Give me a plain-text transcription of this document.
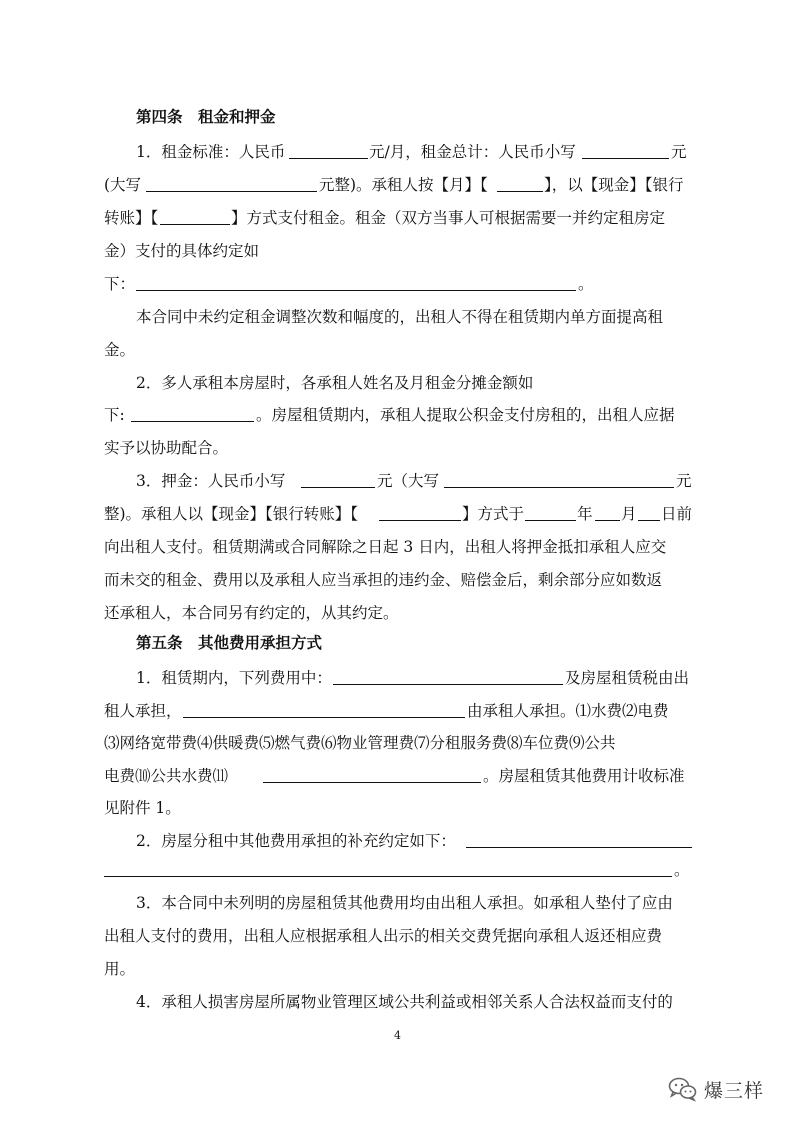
第四条　租金和押金
1．租金标准：人民币	元/月，租金总计：人民币小写	元
(大写	元整)。承租人按【月】【	】，以【现金】【银行
转账】【	】方式支付租金。租金（双方当事人可根据需要一并约定租房定
金）支付的具体约定如
下：	。
本合同中未约定租金调整次数和幅度的，出租人不得在租赁期内单方面提高租
金。
2．多人承租本房屋时，各承租人姓名及月租金分摊金额如
下:	。房屋租赁期内，承租人提取公积金支付房租的，出租人应据
实予以协助配合。
3．押金：人民币小写	元（大写	元
整)。承租人以【现金】【银行转账】【	】方式于	年 月 日前
向出租人支付。租赁期满或合同解除之日起 3 日内，出租人将押金抵扣承租人应交
而未交的租金、费用以及承租人应当承担的违约金、赔偿金后，剩余部分应如数返
还承租人，本合同另有约定的，从其约定。
第五条　其他费用承担方式
1．租赁期内，下列费用中：	及房屋租赁税由出
租人承担，	由承租人承担。⑴水费⑵电费
⑶网络宽带费⑷供暖费⑸燃气费⑹物业管理费⑺分租服务费⑻车位费⑼公共
电费⑽公共水费⑾	。房屋租赁其他费用计收标准
见附件 1。
2．房屋分租中其他费用承担的补充约定如下：
。
3．本合同中未列明的房屋租赁其他费用均由出租人承担。如承租人垫付了应由
出租人支付的费用，出租人应根据承租人出示的相关交费凭据向承租人返还相应费
用。
4．承租人损害房屋所属物业管理区域公共利益或相邻关系人合法权益而支付的
4
爆三样
